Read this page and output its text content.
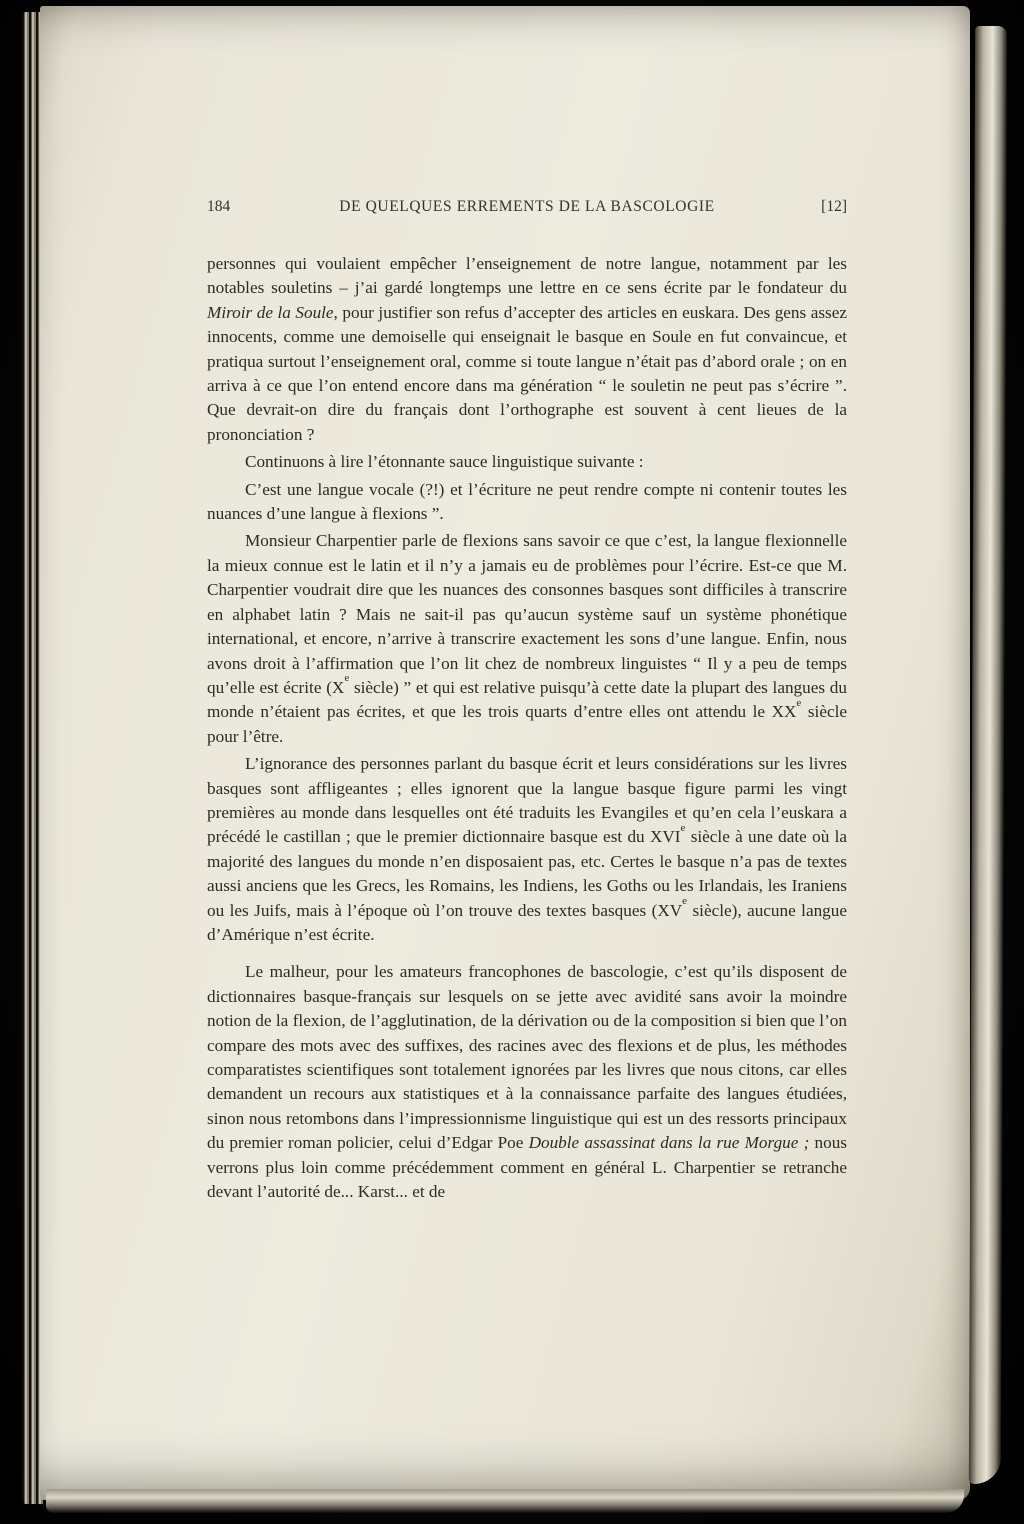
184	DE QUELQUES ERREMENTS DE LA BASCOLOGIE	[12]

personnes qui voulaient empêcher l’enseignement de notre langue, notamment par les notables souletins – j’ai gardé longtemps une lettre en ce sens écrite par le fondateur du Miroir de la Soule, pour justifier son refus d’accepter des articles en euskara. Des gens assez innocents, comme une demoiselle qui enseignait le basque en Soule en fut convaincue, et pratiqua surtout l’enseignement oral, comme si toute langue n’était pas d’abord orale ; on en arriva à ce que l’on entend encore dans ma génération “ le souletin ne peut pas s’écrire ”. Que devrait-on dire du français dont l’orthographe est souvent à cent lieues de la prononciation ?

Continuons à lire l’étonnante sauce linguistique suivante :

C’est une langue vocale (?!) et l’écriture ne peut rendre compte ni contenir toutes les nuances d’une langue à flexions ”.

Monsieur Charpentier parle de flexions sans savoir ce que c’est, la langue flexionnelle la mieux connue est le latin et il n’y a jamais eu de problèmes pour l’écrire. Est-ce que M. Charpentier voudrait dire que les nuances des consonnes basques sont difficiles à transcrire en alphabet latin ? Mais ne sait-il pas qu’aucun système sauf un système phonétique international, et encore, n’arrive à transcrire exactement les sons d’une langue. Enfin, nous avons droit à l’affirmation que l’on lit chez de nombreux linguistes “ Il y a peu de temps qu’elle est écrite (Xe siècle) ” et qui est relative puisqu’à cette date la plupart des langues du monde n’étaient pas écrites, et que les trois quarts d’entre elles ont attendu le XXe siècle pour l’être.

L’ignorance des personnes parlant du basque écrit et leurs considérations sur les livres basques sont affligeantes ; elles ignorent que la langue basque figure parmi les vingt premières au monde dans lesquelles ont été traduits les Evangiles et qu’en cela l’euskara a précédé le castillan ; que le premier dictionnaire basque est du XVIe siècle à une date où la majorité des langues du monde n’en disposaient pas, etc. Certes le basque n’a pas de textes aussi anciens que les Grecs, les Romains, les Indiens, les Goths ou les Irlandais, les Iraniens ou les Juifs, mais à l’époque où l’on trouve des textes basques (XVe siècle), aucune langue d’Amérique n’est écrite.

Le malheur, pour les amateurs francophones de bascologie, c’est qu’ils disposent de dictionnaires basque-français sur lesquels on se jette avec avidité sans avoir la moindre notion de la flexion, de l’agglutination, de la dérivation ou de la composition si bien que l’on compare des mots avec des suffixes, des racines avec des flexions et de plus, les méthodes comparatistes scientifiques sont totalement ignorées par les livres que nous citons, car elles demandent un recours aux statistiques et à la connaissance parfaite des langues étudiées, sinon nous retombons dans l’impressionnisme linguistique qui est un des ressorts principaux du premier roman policier, celui d’Edgar Poe Double assassinat dans la rue Morgue ; nous verrons plus loin comme précédemment comment en général L. Charpentier se retranche devant l’autorité de... Karst... et de
